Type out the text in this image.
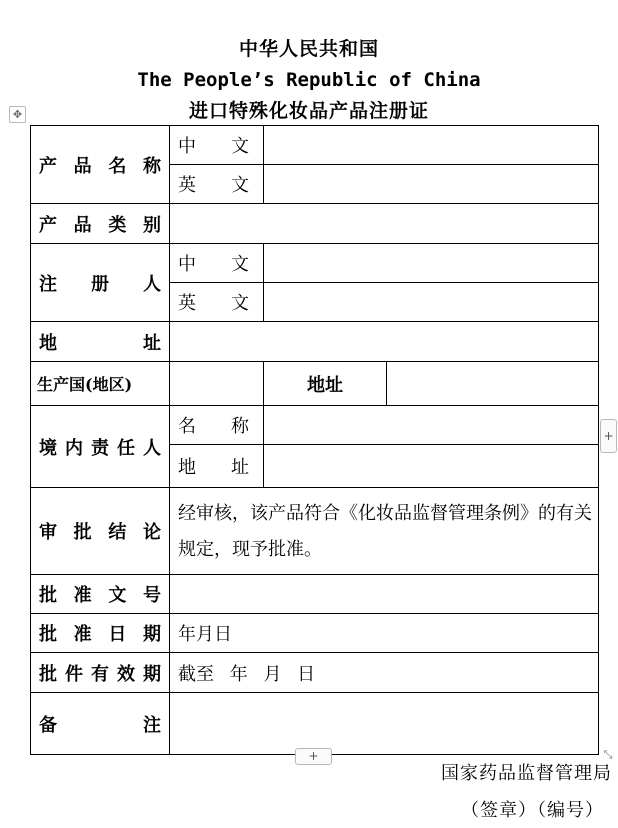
中华人民共和国
The People’s Republic of China
进口特殊化妆品产品注册证
✥
产品名称	中文		
	英文		
产品类别			
注册人	中文		
	英文		
地址			
生产国(地区)		地址	
境内责任人	名称		
	地址		
审批结论	经审核，该产品符合《化妆品监督管理条例》的有关规定，现予批准。		
批准文号			
批准日期	年月日		
批件有效期	截至 年 月 日		
备注			
+
+	⤡
国家药品监督管理局
（签章）（编号）
